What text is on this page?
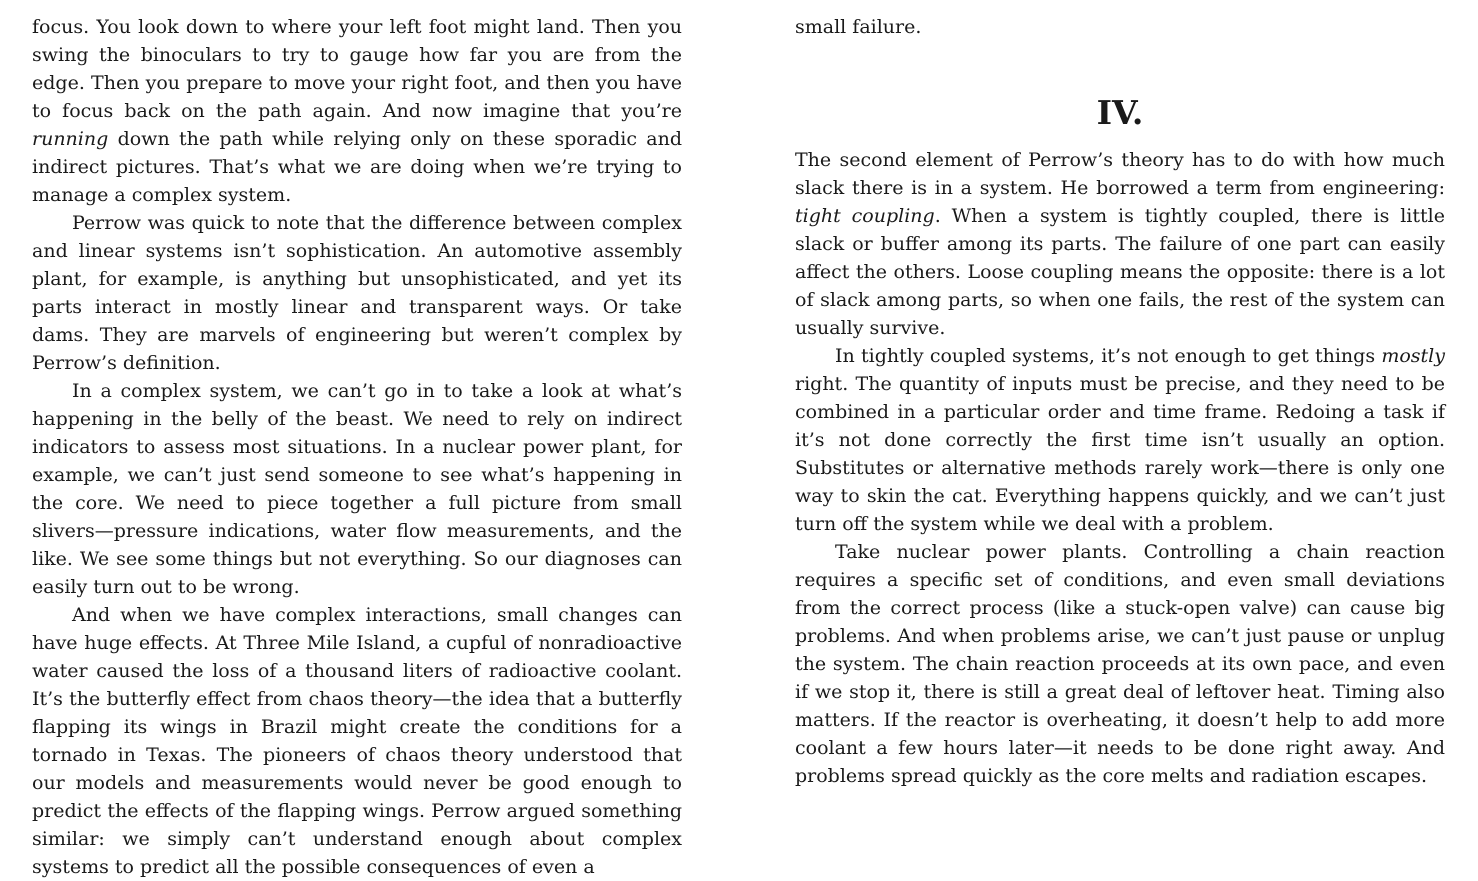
focus. You look down to where your left foot might land. Then you swing the binoculars to try to gauge how far you are from the edge. Then you prepare to move your right foot, and then you have to focus back on the path again. And now imagine that you’re running down the path while relying only on these sporadic and indirect pictures. That’s what we are doing when we’re trying to manage a complex system.

Perrow was quick to note that the difference between complex and linear systems isn’t sophistication. An automotive assembly plant, for example, is anything but unsophisticated, and yet its parts interact in mostly linear and transparent ways. Or take dams. They are marvels of engineering but weren’t complex by Perrow’s definition.

In a complex system, we can’t go in to take a look at what’s happening in the belly of the beast. We need to rely on indirect indicators to assess most situations. In a nuclear power plant, for example, we can’t just send someone to see what’s happening in the core. We need to piece together a full picture from small slivers—pressure indications, water flow measurements, and the like. We see some things but not everything. So our diagnoses can easily turn out to be wrong.

And when we have complex interactions, small changes can have huge effects. At Three Mile Island, a cupful of nonradioactive water caused the loss of a thousand liters of radioactive coolant. It’s the butterfly effect from chaos theory—the idea that a butterfly flapping its wings in Brazil might create the conditions for a tornado in Texas. The pioneers of chaos theory understood that our models and measurements would never be good enough to predict the effects of the flapping wings. Perrow argued something similar: we simply can’t understand enough about complex systems to predict all the possible consequences of even a

small failure.

IV.

The second element of Perrow’s theory has to do with how much slack there is in a system. He borrowed a term from engineering: tight coupling. When a system is tightly coupled, there is little slack or buffer among its parts. The failure of one part can easily affect the others. Loose coupling means the opposite: there is a lot of slack among parts, so when one fails, the rest of the system can usually survive.

In tightly coupled systems, it’s not enough to get things mostly right. The quantity of inputs must be precise, and they need to be combined in a particular order and time frame. Redoing a task if it’s not done correctly the first time isn’t usually an option. Substitutes or alternative methods rarely work—there is only one way to skin the cat. Everything happens quickly, and we can’t just turn off the system while we deal with a problem.

Take nuclear power plants. Controlling a chain reaction requires a specific set of conditions, and even small deviations from the correct process (like a stuck-open valve) can cause big problems. And when problems arise, we can’t just pause or unplug the system. The chain reaction proceeds at its own pace, and even if we stop it, there is still a great deal of leftover heat. Timing also matters. If the reactor is overheating, it doesn’t help to add more coolant a few hours later—it needs to be done right away. And problems spread quickly as the core melts and radiation escapes.
